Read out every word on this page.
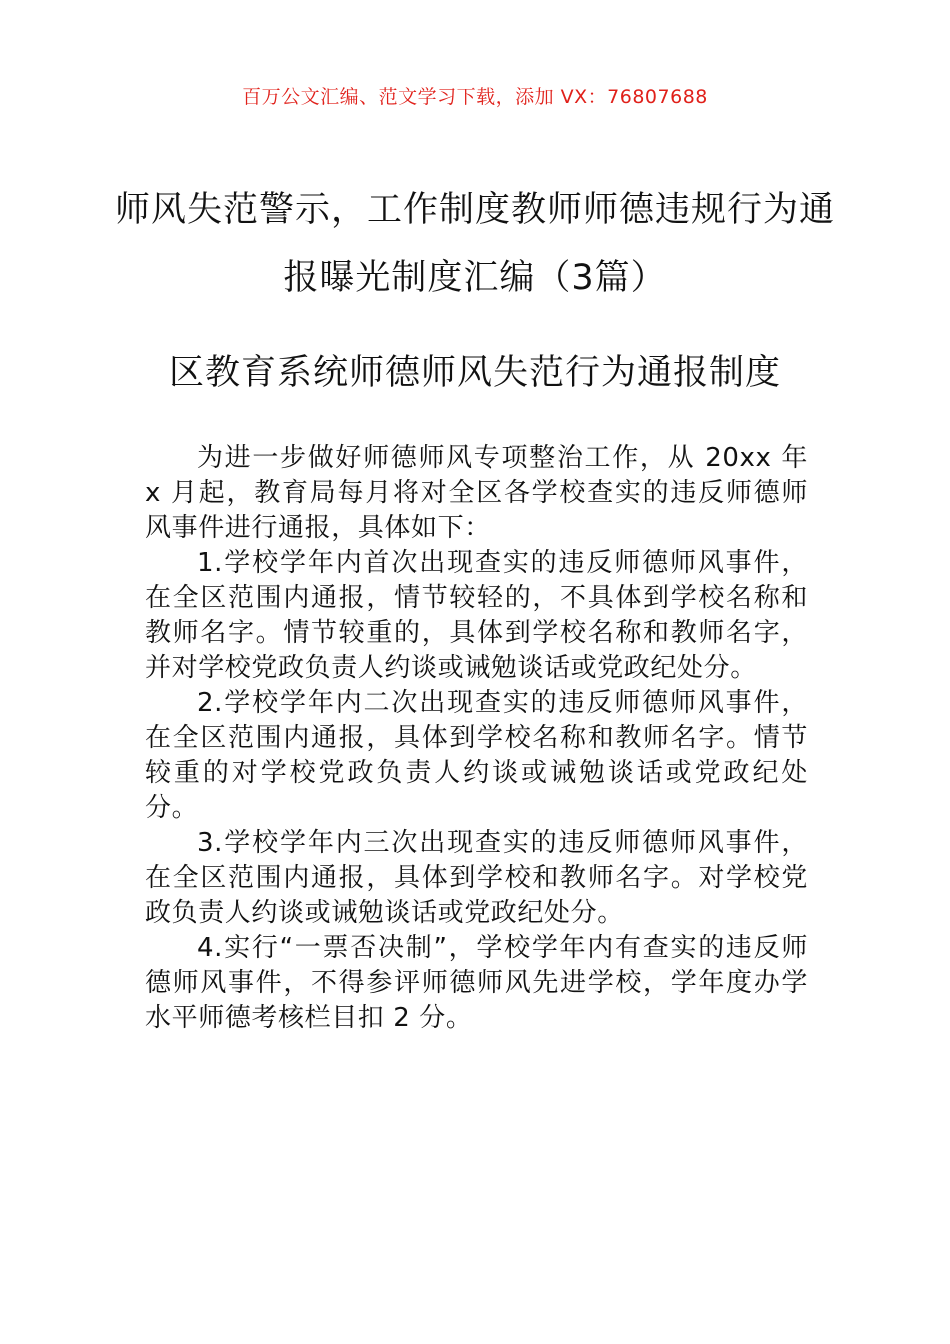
百万公文汇编、范文学习下载，添加 VX：76807688
师风失范警示，工作制度教师师德违规行为通报曝光制度汇编（3篇）
区教育系统师德师风失范行为通报制度

为进一步做好师德师风专项整治工作，从 20xx 年 x 月起，教育局每月将对全区各学校查实的违反师德师风事件进行通报，具体如下：

1.学校学年内首次出现查实的违反师德师风事件，在全区范围内通报，情节较轻的，不具体到学校名称和教师名字。情节较重的，具体到学校名称和教师名字，并对学校党政负责人约谈或诫勉谈话或党政纪处分。

2.学校学年内二次出现查实的违反师德师风事件，在全区范围内通报，具体到学校名称和教师名字。情节较重的对学校党政负责人约谈或诫勉谈话或党政纪处分。

3.学校学年内三次出现查实的违反师德师风事件，在全区范围内通报，具体到学校和教师名字。对学校党政负责人约谈或诫勉谈话或党政纪处分。

4.实行“一票否决制”，学校学年内有查实的违反师德师风事件，不得参评师德师风先进学校，学年度办学水平师德考核栏目扣 2 分。
